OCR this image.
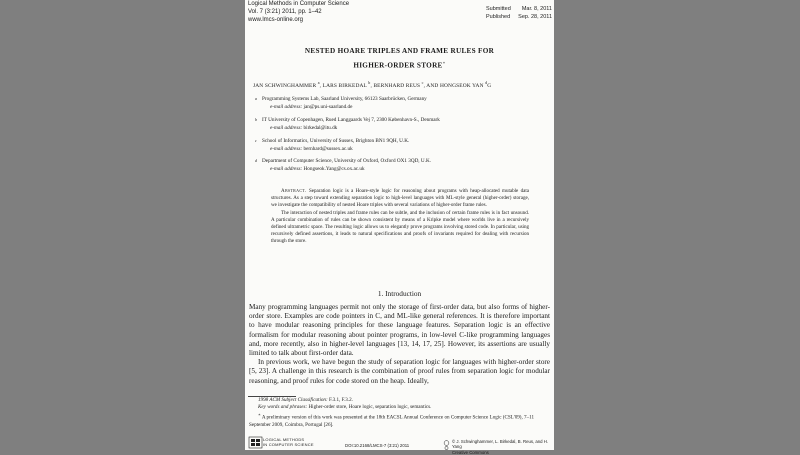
Logical Methods in Computer Science
Vol. 7 (3:21) 2011, pp. 1–42
www.lmcs-online.org
Submitted Mar. 8, 2011
Published Sep. 28, 2011
NESTED HOARE TRIPLES AND FRAME RULES FOR
HIGHER-ORDER STORE∗
JAN SCHWINGHAMMER $^a$, LARS BIRKEDAL $^b$, BERNHARD REUS $^c$, AND HONGSEOK YAN $^d$G
a Programming Systems Lab, Saarland University, 66123 Saarbrücken, Germany
e-mail address: jan@ps.uni-saarland.de
b IT University of Copenhagen, Rued Langgaards Vej 7, 2300 København-S., Denmark
e-mail address: birkedal@itu.dk
c School of Informatics, University of Sussex, Brighton BN1 9QH, U.K.
e-mail address: bernhard@sussex.ac.uk
d Department of Computer Science, University of Oxford, Oxford OX1 3QD, U.K.
e-mail address: Hongseok.Yang@cs.ox.ac.uk

Abstract. Separation logic is a Hoare-style logic for reasoning about programs with heap-allocated mutable data structures. As a step toward extending separation logic to high-level languages with ML-style general (higher-order) storage, we investigate the compatibility of nested Hoare triples with several variations of higher-order frame rules.

The interaction of nested triples and frame rules can be subtle, and the inclusion of certain frame rules is in fact unsound. A particular combination of rules can be shown consistent by means of a Kripke model where worlds live in a recursively defined ultrametric space. The resulting logic allows us to elegantly prove programs involving stored code. In particular, using recursively defined assertions, it leads to natural specifications and proofs of invariants required for dealing with recursion through the store.

1. Introduction

Many programming languages permit not only the storage of first-order data, but also forms of higher-order store. Examples are code pointers in C, and ML-like general references. It is therefore important to have modular reasoning principles for these language features. Separation logic is an effective formalism for modular reasoning about pointer programs, in low-level C-like programming languages and, more recently, also in higher-level languages [13, 14, 17, 25]. However, its assertions are usually limited to talk about first-order data.

In previous work, we have begun the study of separation logic for languages with higher-order store [5, 23]. A challenge in this research is the combination of proof rules from separation logic for modular reasoning, and proof rules for code stored on the heap. Ideally,

1998 ACM Subject Classification: F.3.1, F.3.2.

Key words and phrases: Higher-order store, Hoare logic, separation logic, semantics.

∗ A preliminary version of this work was presented at the 18th EACSL Annual Conference on Computer Science Logic (CSL'09), 7–11 September 2009, Coimbra, Portugal [26].

LOGICAL METHODS
IN COMPUTER SCIENCE	DOI:10.2168/LMCS-7 (3:21) 2011
© J. Schwinghammer, L. Birkedal, B. Reus, and H. Yang
Creative Commons
